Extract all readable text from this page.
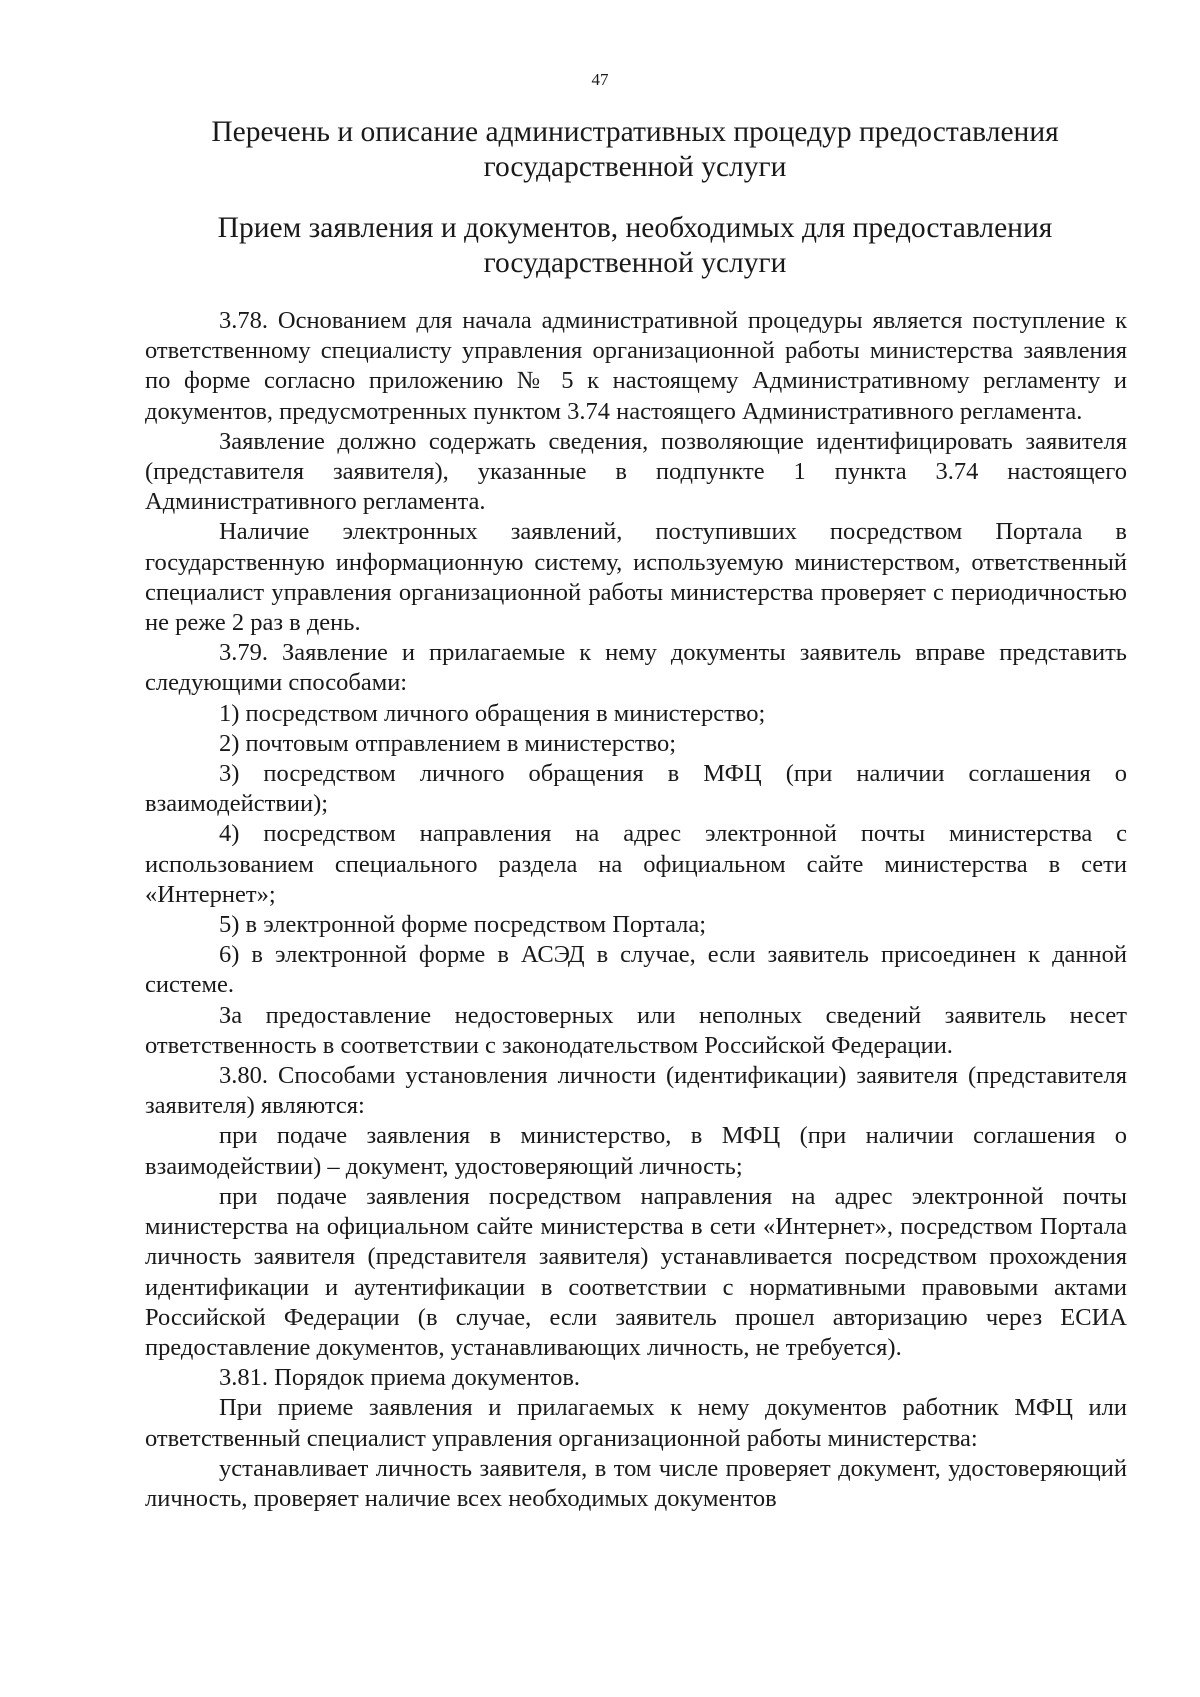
47
Перечень и описание административных процедур предоставления государственной услуги
Прием заявления и документов, необходимых для предоставления государственной услуги

3.78. Основанием для начала административной процедуры является поступление к ответственному специалисту управления организационной работы министерства заявления по форме согласно приложению № 5 к настоящему Административному регламенту и документов, предусмотренных пунктом 3.74 настоящего Административного регламента.

Заявление должно содержать сведения, позволяющие идентифицировать заявителя (представителя заявителя), указанные в подпункте 1 пункта 3.74 настоящего Административного регламента.

Наличие электронных заявлений, поступивших посредством Портала в государственную информационную систему, используемую министерством, ответственный специалист управления организационной работы министерства проверяет с периодичностью не реже 2 раз в день.

3.79. Заявление и прилагаемые к нему документы заявитель вправе представить следующими способами:

1) посредством личного обращения в министерство;

2) почтовым отправлением в министерство;

3) посредством личного обращения в МФЦ (при наличии соглашения о взаимодействии);

4) посредством направления на адрес электронной почты министерства с использованием специального раздела на официальном сайте министерства в сети «Интернет»;

5) в электронной форме посредством Портала;

6) в электронной форме в АСЭД в случае, если заявитель присоединен к данной системе.

За предоставление недостоверных или неполных сведений заявитель несет ответственность в соответствии с законодательством Российской Федерации.

3.80. Способами установления личности (идентификации) заявителя (представителя заявителя) являются:

при подаче заявления в министерство, в МФЦ (при наличии соглашения о взаимодействии) – документ, удостоверяющий личность;

при подаче заявления посредством направления на адрес электронной почты министерства на официальном сайте министерства в сети «Интернет», посредством Портала личность заявителя (представителя заявителя) устанавливается посредством прохождения идентификации и аутентификации в соответствии с нормативными правовыми актами Российской Федерации (в случае, если заявитель прошел авторизацию через ЕСИА предоставление документов, устанавливающих личность, не требуется).

3.81. Порядок приема документов.

При приеме заявления и прилагаемых к нему документов работник МФЦ или ответственный специалист управления организационной работы министерства:

устанавливает личность заявителя, в том числе проверяет документ, удостоверяющий личность, проверяет наличие всех необходимых документов
